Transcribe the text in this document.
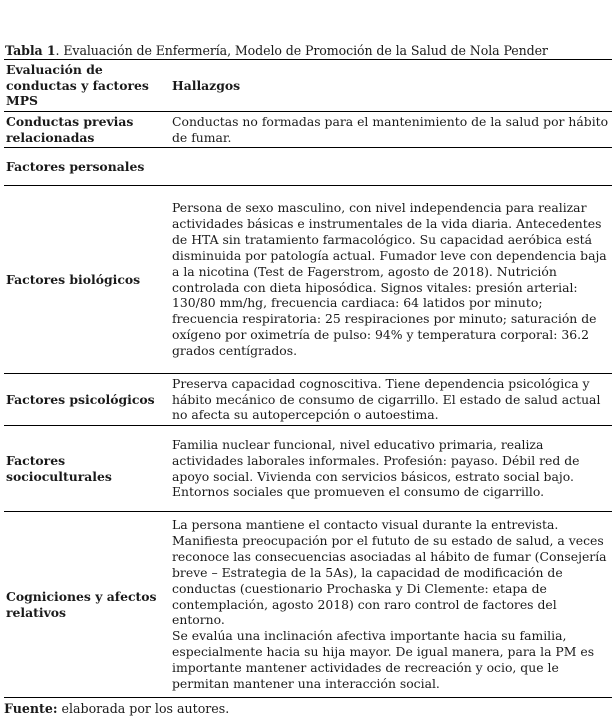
Tabla 1. Evaluación de Enfermería, Modelo de Promoción de la Salud de Nola Pender
Evaluación de conductas y factores MPS	Hallazgos
Conductas previas relacionadas	Conductas no formadas para el mantenimiento de la salud por hábito de fumar.

Factores personales	
Factores biológicos	Persona de sexo masculino, con nivel independencia para realizar actividades básicas e instrumentales de la vida diaria. Antecedentes de HTA sin tratamiento farmacológico. Su capacidad aeróbica está disminuida por patología actual. Fumador leve con dependencia baja a la nicotina (Test de Fagerstrom, agosto de 2018). Nutrición controlada con dieta hiposódica. Signos vitales: presión arterial: 130/80 mm/hg, frecuencia cardiaca: 64 latidos por minuto; frecuencia respiratoria: 25 respiraciones por minuto; saturación de oxígeno por oximetría de pulso: 94% y temperatura corporal: 36.2 grados centígrados.

Factores psicológicos	Preserva capacidad cognoscitiva. Tiene dependencia psicológica y hábito mecánico de consumo de cigarrillo. El estado de salud actual no afecta su autopercepción o autoestima.

Factores socioculturales	Familia nuclear funcional, nivel educativo primaria, realiza actividades laborales informales. Profesión: payaso. Débil red de apoyo social. Vivienda con servicios básicos, estrato social bajo. Entornos sociales que promueven el consumo de cigarrillo.

Cogniciones y afectos relativos	La persona mantiene el contacto visual durante la entrevista. Manifiesta preocupación por el fututo de su estado de salud, a veces reconoce las consecuencias asociadas al hábito de fumar (Consejería breve – Estrategia de la 5As), la capacidad de modificación de conductas (cuestionario Prochaska y Di Clemente: etapa de contemplación, agosto 2018) con raro control de factores del entorno.
Se evalúa una inclinación afectiva importante hacia su familia, especialmente hacia su hija mayor. De igual manera, para la PM es importante mantener actividades de recreación y ocio, que le permitan mantener una interacción social.
Fuente: elaborada por los autores.
